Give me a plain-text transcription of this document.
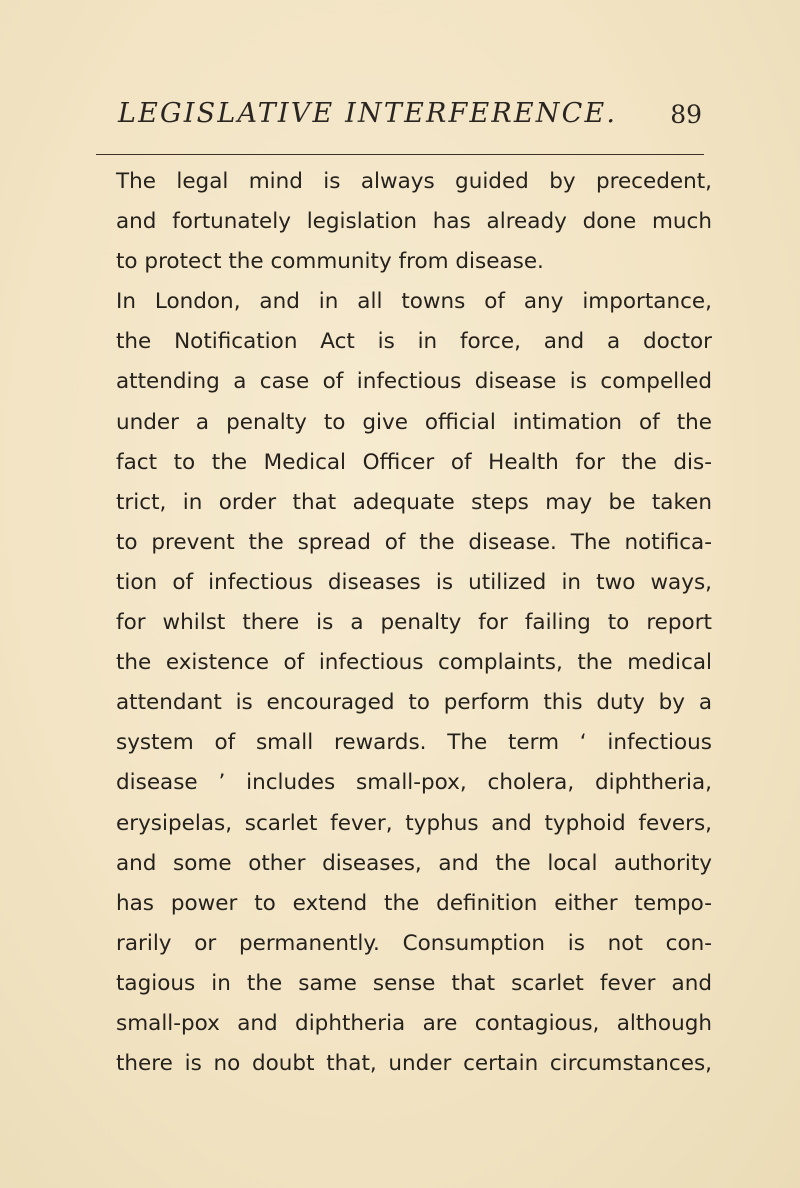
LEGISLATIVE INTERFERENCE. 89
The legal mind is always guided by precedent,
and fortunately legislation has already done much
to protect the community from disease.
In London, and in all towns of any importance,
the Notification Act is in force, and a doctor
attending a case of infectious disease is compelled
under a penalty to give official intimation of the
fact to the Medical Officer of Health for the dis-
trict, in order that adequate steps may be taken
to prevent the spread of the disease. The notifica-
tion of infectious diseases is utilized in two ways,
for whilst there is a penalty for failing to report
the existence of infectious complaints, the medical
attendant is encouraged to perform this duty by a
system of small rewards. The term ‘ infectious
disease ’ includes small-pox, cholera, diphtheria,
erysipelas, scarlet fever, typhus and typhoid fevers,
and some other diseases, and the local authority
has power to extend the definition either tempo-
rarily or permanently. Consumption is not con-
tagious in the same sense that scarlet fever and
small-pox and diphtheria are contagious, although
there is no doubt that, under certain circumstances,
